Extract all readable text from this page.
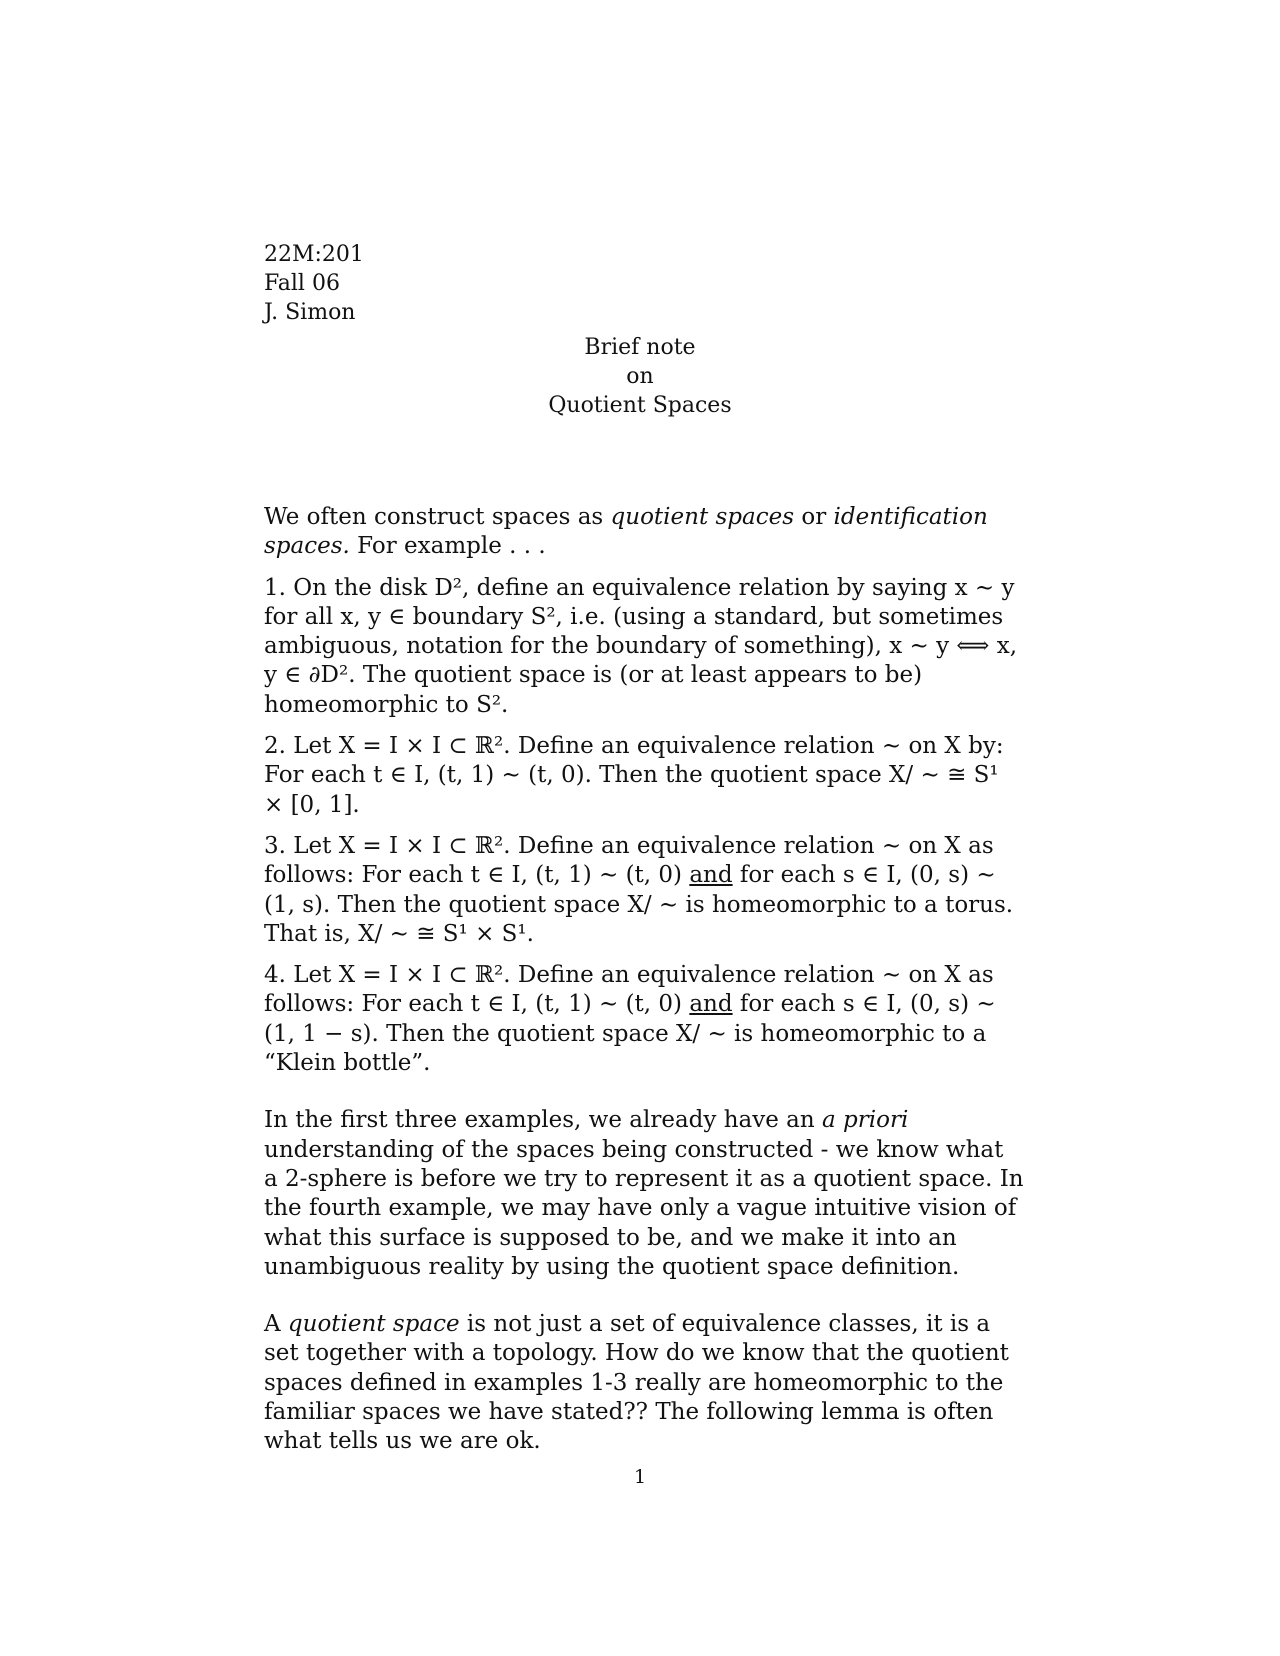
22M:201
Fall 06
J. Simon
Brief note
on
Quotient Spaces

We often construct spaces as quotient spaces or identification spaces. For example . . .

1. On the disk D², define an equivalence relation by saying x ∼ y for all x, y ∈ boundary S², i.e. (using a standard, but sometimes ambiguous, notation for the boundary of something), x ∼ y ⟺ x, y ∈ ∂D². The quotient space is (or at least appears to be) homeomorphic to S².

2. Let X = I × I ⊂ ℝ². Define an equivalence relation ∼ on X by: For each t ∈ I, (t, 1) ∼ (t, 0). Then the quotient space X/ ∼ ≅ S¹ × [0, 1].

3. Let X = I × I ⊂ ℝ². Define an equivalence relation ∼ on X as follows: For each t ∈ I, (t, 1) ∼ (t, 0) and for each s ∈ I, (0, s) ∼ (1, s). Then the quotient space X/ ∼ is homeomorphic to a torus. That is, X/ ∼ ≅ S¹ × S¹.

4. Let X = I × I ⊂ ℝ². Define an equivalence relation ∼ on X as follows: For each t ∈ I, (t, 1) ∼ (t, 0) and for each s ∈ I, (0, s) ∼ (1, 1 − s). Then the quotient space X/ ∼ is homeomorphic to a “Klein bottle”.

In the first three examples, we already have an a priori understanding of the spaces being constructed - we know what a 2-sphere is before we try to represent it as a quotient space. In the fourth example, we may have only a vague intuitive vision of what this surface is supposed to be, and we make it into an unambiguous reality by using the quotient space definition.

A quotient space is not just a set of equivalence classes, it is a set together with a topology. How do we know that the quotient spaces defined in examples 1-3 really are homeomorphic to the familiar spaces we have stated?? The following lemma is often what tells us we are ok.

1
